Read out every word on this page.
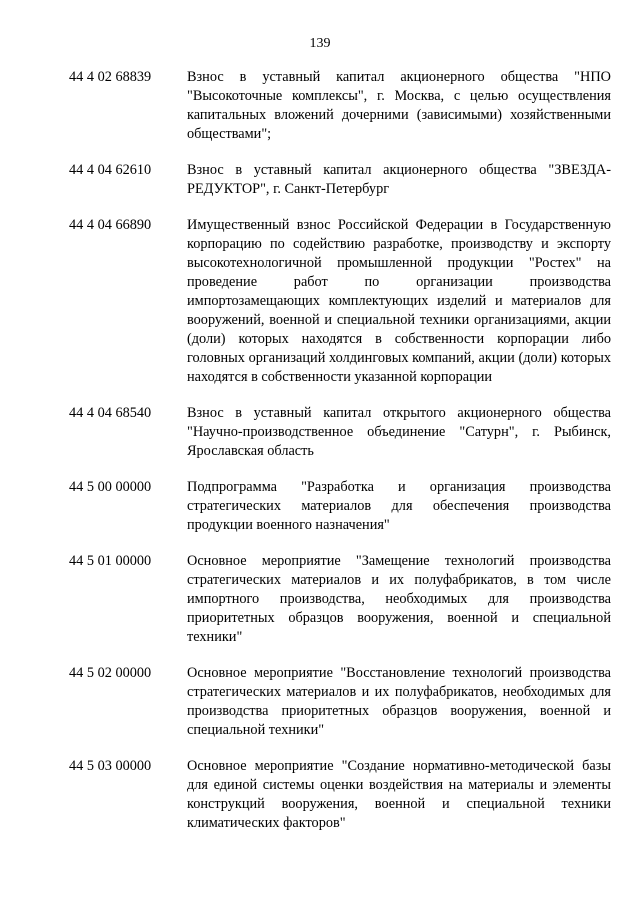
139
44 4 02 68839	Взнос в уставный капитал акционерного общества "НПО "Высокоточные комплексы", г. Москва, с целью осуществления капитальных вложений дочерними (зависимыми) хозяйственными обществами";
44 4 04 62610	Взнос в уставный капитал акционерного общества "ЗВЕЗДА-РЕДУКТОР", г. Санкт-Петербург
44 4 04 66890	Имущественный взнос Российской Федерации в Государственную корпорацию по содействию разработке, производству и экспорту высокотехнологичной промышленной продукции "Ростех" на проведение работ по организации производства импортозамещающих комплектующих изделий и материалов для вооружений, военной и специальной техники организациями, акции (доли) которых находятся в собственности корпорации либо головных организаций холдинговых компаний, акции (доли) которых находятся в собственности указанной корпорации
44 4 04 68540	Взнос в уставный капитал открытого акционерного общества "Научно-производственное объединение "Сатурн", г. Рыбинск, Ярославская область
44 5 00 00000	Подпрограмма "Разработка и организация производства стратегических материалов для обеспечения производства продукции военного назначения"
44 5 01 00000	Основное мероприятие "Замещение технологий производства стратегических материалов и их полуфабрикатов, в том числе импортного производства, необходимых для производства приоритетных образцов вооружения, военной и специальной техники"
44 5 02 00000	Основное мероприятие "Восстановление технологий производства стратегических материалов и их полуфабрикатов, необходимых для производства приоритетных образцов вооружения, военной и специальной техники"
44 5 03 00000	Основное мероприятие "Создание нормативно-методической базы для единой системы оценки воздействия на материалы и элементы конструкций вооружения, военной и специальной техники климатических факторов"
